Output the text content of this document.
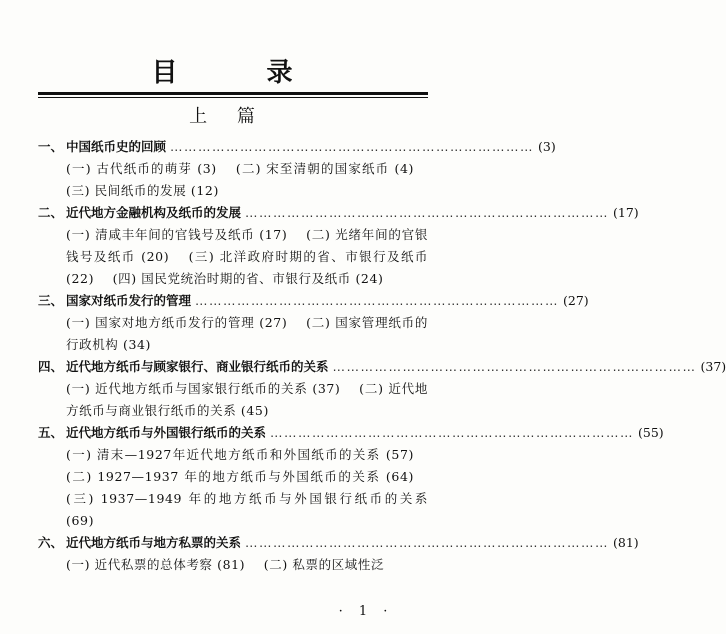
目 录
上 篇
一、 中国纸币史的回顾 …………………………………………………………………… (3)
(一) 古代纸币的萌芽 (3) (二) 宋至清朝的国家纸币 (4) (三) 民间纸币的发展 (12)
二、 近代地方金融机构及纸币的发展 …………………………………………………………………… (17)
(一) 清咸丰年间的官钱号及纸币 (17) (二) 光绪年间的官银钱号及纸币 (20) (三) 北洋政府时期的省、市银行及纸币 (22) (四) 国民党统治时期的省、市银行及纸币 (24)
三、 国家对纸币发行的管理 …………………………………………………………………… (27)
(一) 国家对地方纸币发行的管理 (27) (二) 国家管理纸币的行政机构 (34)
四、 近代地方纸币与顾家银行、商业银行纸币的关系 …………………………………………………………………… (37)
(一) 近代地方纸币与国家银行纸币的关系 (37) (二) 近代地方纸币与商业银行纸币的关系 (45)
五、 近代地方纸币与外国银行纸币的关系 …………………………………………………………………… (55)
(一) 清末—1927年近代地方纸币和外国纸币的关系 (57) (二) 1927—1937 年的地方纸币与外国纸币的关系 (64) (三) 1937—1949 年的地方纸币与外国银行纸币的关系 (69)
六、 近代地方纸币与地方私票的关系 …………………………………………………………………… (81)
(一) 近代私票的总体考察 (81) (二) 私票的区域性泛
· 1 ·
